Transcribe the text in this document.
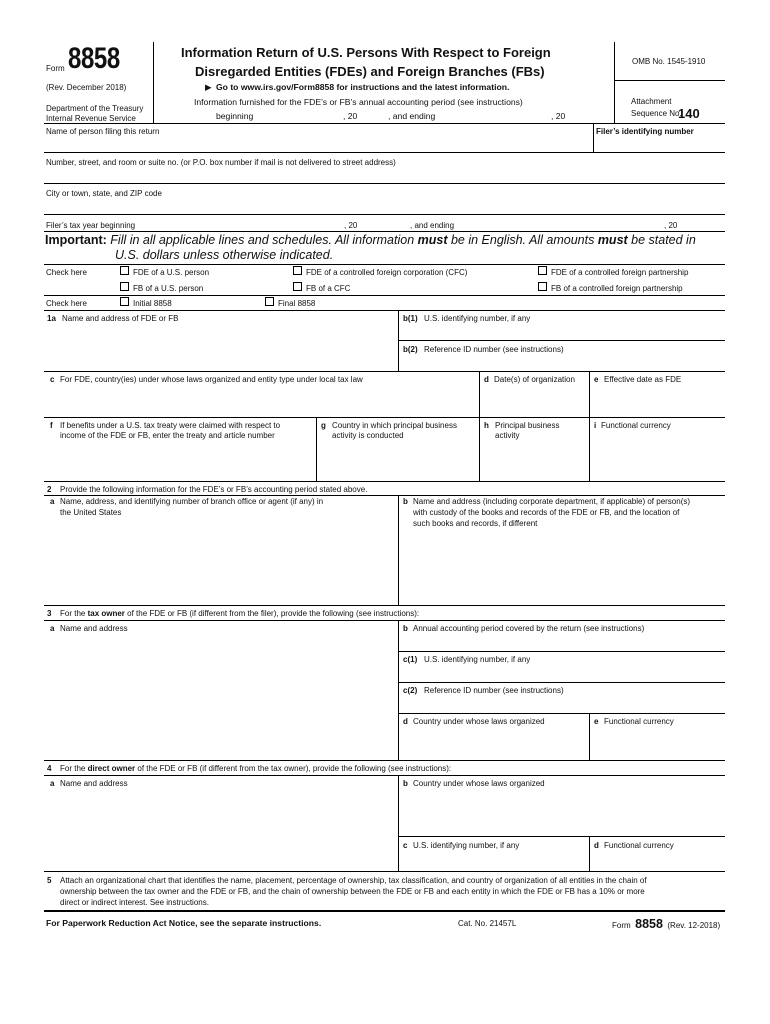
Form 8858
(Rev. December 2018)
Department of the Treasury
Internal Revenue Service
Information Return of U.S. Persons With Respect to Foreign
Disregarded Entities (FDEs) and Foreign Branches (FBs)
▶ Go to www.irs.gov/Form8858 for instructions and the latest information.
Information furnished for the FDE’s or FB’s annual accounting period (see instructions)
beginning	, 20	, and ending	, 20
OMB No. 1545-1910
Attachment
Sequence No.
140
Name of person filing this return	Filer’s identifying number
Number, street, and room or suite no. (or P.O. box number if mail is not delivered to street address)
City or town, state, and ZIP code
Filer’s tax year beginning	, 20	, and ending	, 20
Important: Fill in all applicable lines and schedules. All information must be in English. All amounts must be stated in
U.S. dollars unless otherwise indicated.
Check here	FDE of a U.S. person	FDE of a controlled foreign corporation (CFC)	FDE of a controlled foreign partnership
FB of a U.S. person	FB of a CFC	FB of a controlled foreign partnership
Check here	Initial 8858	Final 8858
1a Name and address of FDE or FB	b(1) U.S. identifying number, if any
b(2) Reference ID number (see instructions)
c For FDE, country(ies) under whose laws organized and entity type under local tax law	d Date(s) of organization e Effective date as FDE
f If benefits under a U.S. tax treaty were claimed with respect to
income of the FDE or FB, enter the treaty and article number
g Country in which principal business
activity is conducted
h Principal business
activity
i Functional currency
2 Provide the following information for the FDE’s or FB’s accounting period stated above.
a Name, address, and identifying number of branch office or agent (if any) in
the United States
b Name and address (including corporate department, if applicable) of person(s)
with custody of the books and records of the FDE or FB, and the location of
such books and records, if different
3 For the tax owner of the FDE or FB (if different from the filer), provide the following (see instructions):
a Name and address	b Annual accounting period covered by the return (see instructions)
c(1) U.S. identifying number, if any
c(2) Reference ID number (see instructions)
d Country under whose laws organized	e Functional currency
4 For the direct owner of the FDE or FB (if different from the tax owner), provide the following (see instructions):
a Name and address	b Country under whose laws organized
c U.S. identifying number, if any	d Functional currency
5 Attach an organizational chart that identifies the name, placement, percentage of ownership, tax classification, and country of organization of all entities in the chain of
ownership between the tax owner and the FDE or FB, and the chain of ownership between the FDE or FB and each entity in which the FDE or FB has a 10% or more
direct or indirect interest. See instructions.
For Paperwork Reduction Act Notice, see the separate instructions.	Cat. No. 21457L	Form 8858 (Rev. 12-2018)
